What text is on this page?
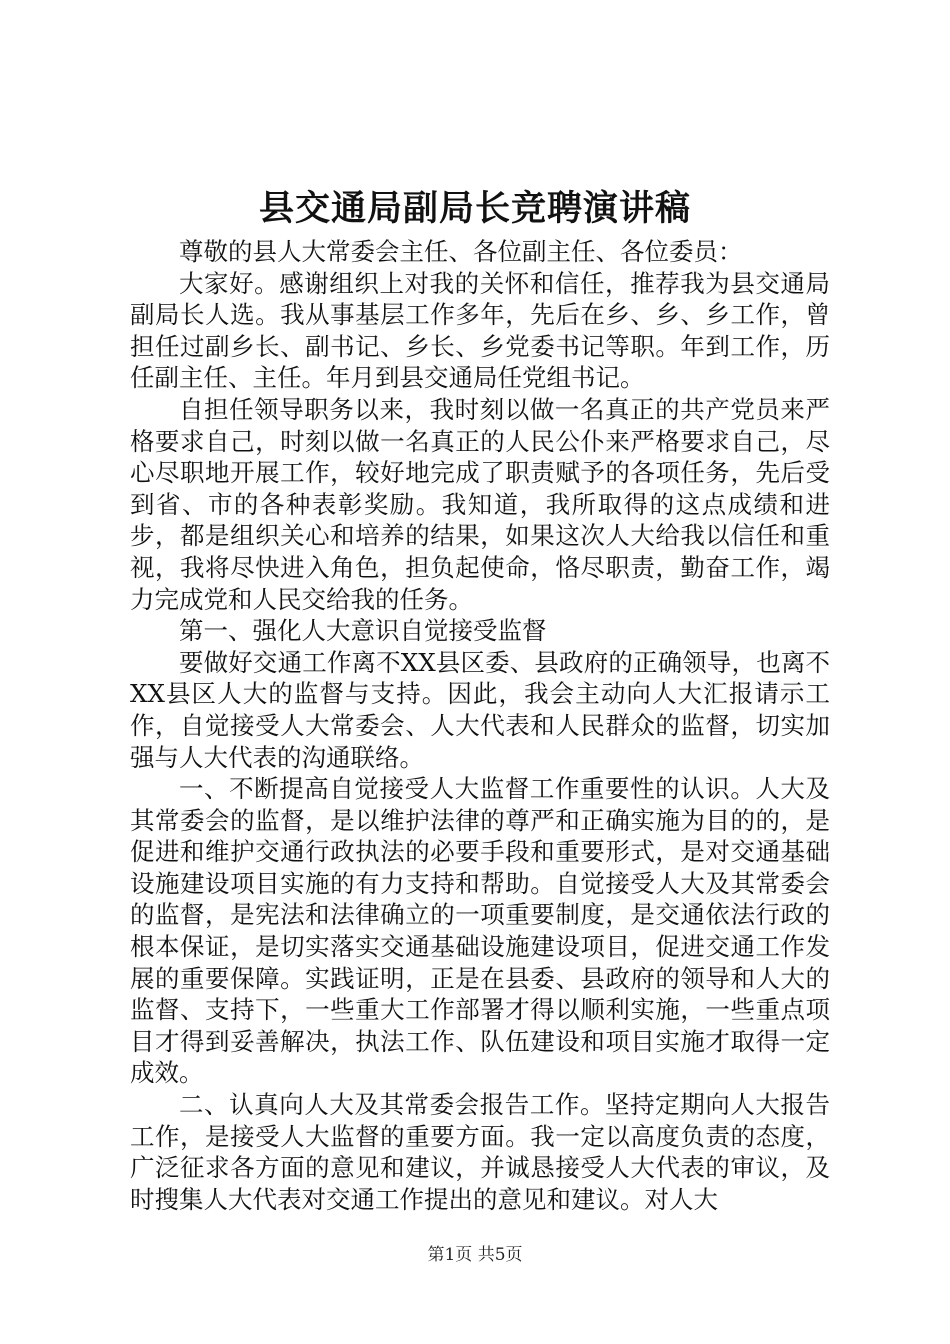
县交通局副局长竞聘演讲稿

尊敬的县人大常委会主任、各位副主任、各位委员：

大家好。感谢组织上对我的关怀和信任，推荐我为县交通局副局长人选。我从事基层工作多年，先后在乡、乡、乡工作，曾担任过副乡长、副书记、乡长、乡党委书记等职。年到工作，历任副主任、主任。年月到县交通局任党组书记。

自担任领导职务以来，我时刻以做一名真正的共产党员来严格要求自己，时刻以做一名真正的人民公仆来严格要求自己，尽心尽职地开展工作，较好地完成了职责赋予的各项任务，先后受到省、市的各种表彰奖励。我知道，我所取得的这点成绩和进步，都是组织关心和培养的结果，如果这次人大给我以信任和重视，我将尽快进入角色，担负起使命，恪尽职责，勤奋工作，竭力完成党和人民交给我的任务。

第一、强化人大意识自觉接受监督

要做好交通工作离不XX县区委、县政府的正确领导，也离不XX县区人大的监督与支持。因此，我会主动向人大汇报请示工作，自觉接受人大常委会、人大代表和人民群众的监督，切实加强与人大代表的沟通联络。

一、不断提高自觉接受人大监督工作重要性的认识。人大及其常委会的监督，是以维护法律的尊严和正确实施为目的的，是促进和维护交通行政执法的必要手段和重要形式，是对交通基础设施建设项目实施的有力支持和帮助。自觉接受人大及其常委会的监督，是宪法和法律确立的一项重要制度，是交通依法行政的根本保证，是切实落实交通基础设施建设项目，促进交通工作发展的重要保障。实践证明，正是在县委、县政府的领导和人大的监督、支持下，一些重大工作部署才得以顺利实施，一些重点项目才得到妥善解决，执法工作、队伍建设和项目实施才取得一定成效。

二、认真向人大及其常委会报告工作。坚持定期向人大报告工作，是接受人大监督的重要方面。我一定以高度负责的态度，广泛征求各方面的意见和建议，并诚恳接受人大代表的审议，及时搜集人大代表对交通工作提出的意见和建议。对人大

第1页 共5页
